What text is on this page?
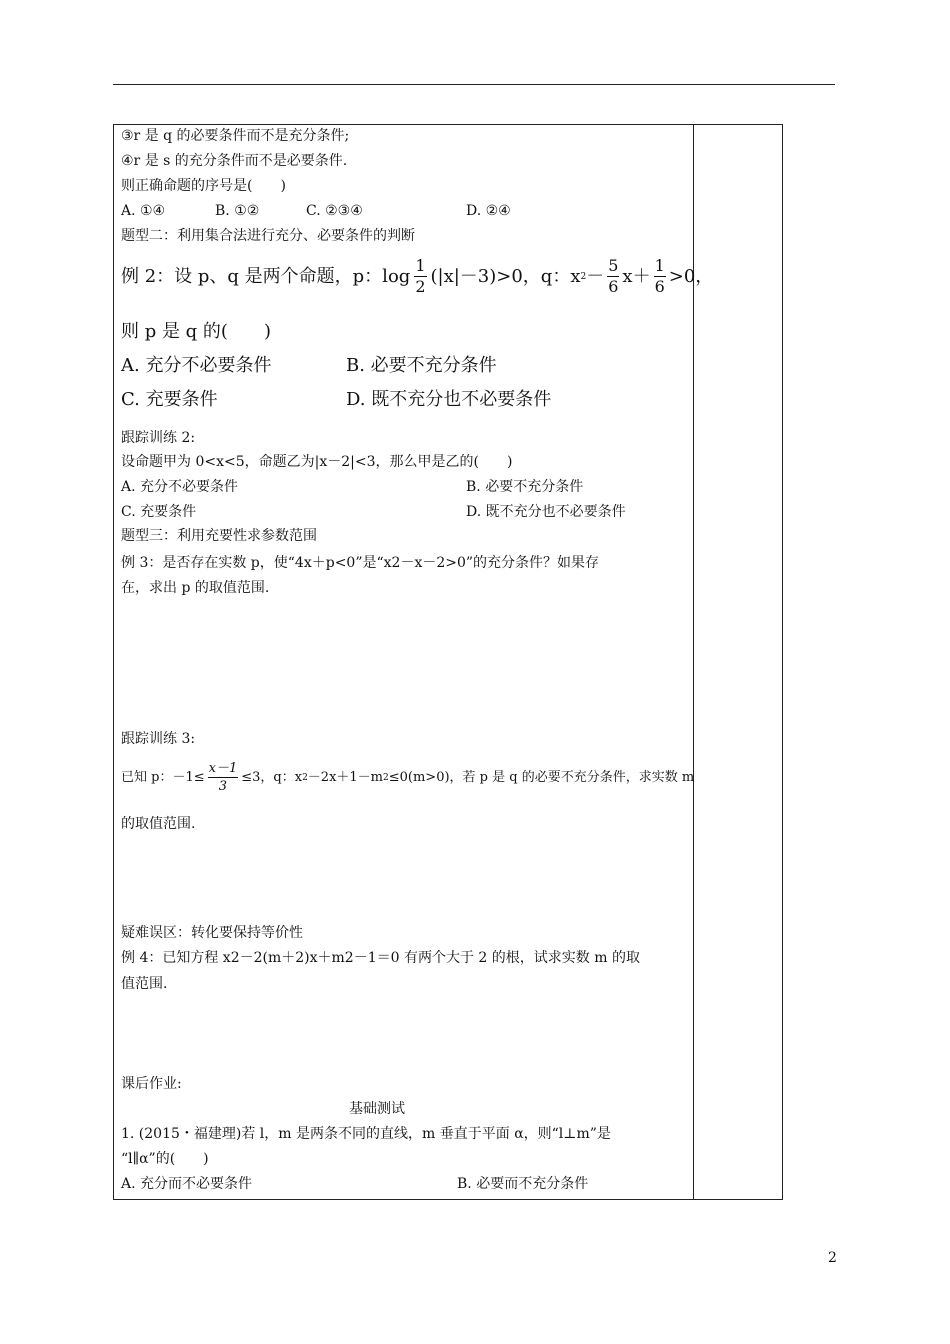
③r 是 q 的必要条件而不是充分条件;
④r 是 s 的充分条件而不是必要条件.
则正确命题的序号是(　　)
A. ①④	B. ①②	C. ②③④	D. ②④
题型二：利用集合法进行充分、必要条件的判断
例 2：设 p、q 是两个命题，p：$\log \frac{1}{2} (|x|-3)>0$，q：x $2 - \frac{5}{6} x+ \frac{1}{6} >0$，
则 p 是 q 的(　　)
A. 充分不必要条件	B. 必要不充分条件
C. 充要条件	D. 既不充分也不必要条件
跟踪训练 2:
设命题甲为 0<x<5，命题乙为|x－2|<3，那么甲是乙的(　　)
A. 充分不必要条件	B. 必要不充分条件
C. 充要条件	D. 既不充分也不必要条件
题型三：利用充要性求参数范围
例 3：是否存在实数 p，使“4x＋p<0”是“x2－x－2>0”的充分条件？如果存
在，求出 p 的取值范围.
跟踪训练 3:
已知 p：$-1\le \frac{x-1}{3} \le 3$，q：x 2 －2x＋1－m 2 ≤0(m>0)，若 p 是 q 的必要不充分条件，求实数 m
的取值范围.
疑难误区：转化要保持等价性
例 4：已知方程 x2－2(m＋2)x＋m2－1＝0 有两个大于 2 的根，试求实数 m 的取
值范围.
课后作业:
基础测试
1. (2015・福建理)若 l，m 是两条不同的直线，m 垂直于平面 α，则“l⊥m”是
“l∥α”的(　　)
A. 充分而不必要条件	B. 必要而不充分条件
2
